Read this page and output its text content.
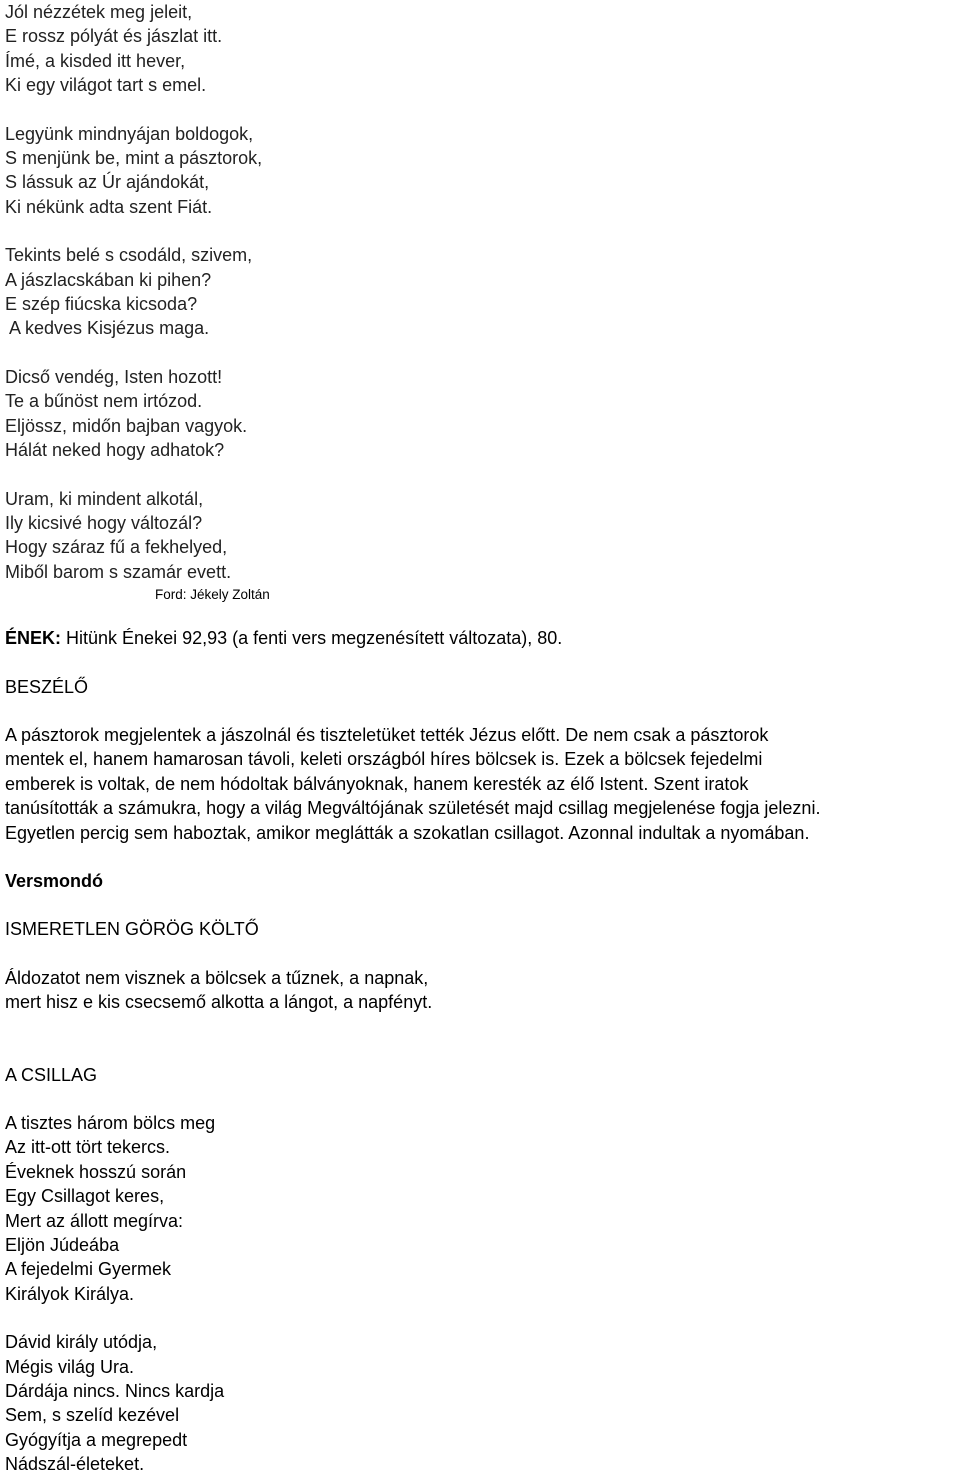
Jól nézzétek meg jeleit,
E rossz pólyát és jászlat itt.
Ímé, a kisded itt hever,
Ki egy világot tart s emel.
Legyünk mindnyájan boldogok,
S menjünk be, mint a pásztorok,
S lássuk az Úr ajándokát,
Ki nékünk adta szent Fiát.
Tekints belé s csodáld, szivem,
A jászlacskában ki pihen?
E szép fiúcska kicsoda?
A kedves Kisjézus maga.
Dicső vendég, Isten hozott!
Te a bűnöst nem irtózod.
Eljössz, midőn bajban vagyok.
Hálát neked hogy adhatok?
Uram, ki mindent alkotál,
Ily kicsivé hogy változál?
Hogy száraz fű a fekhelyed,
Miből barom s szamár evett.
Ford: Jékely Zoltán
ÉNEK: Hitünk Énekei 92,93 (a fenti vers megzenésített változata), 80.
BESZÉLŐ
A pásztorok megjelentek a jászolnál és tiszteletüket tették Jézus előtt. De nem csak a pásztorok
mentek el, hanem hamarosan távoli, keleti országból híres bölcsek is. Ezek a bölcsek fejedelmi
emberek is voltak, de nem hódoltak bálványoknak, hanem keresték az élő Istent. Szent iratok
tanúsították a számukra, hogy a világ Megváltójának születését majd csillag megjelenése fogja jelezni.
Egyetlen percig sem haboztak, amikor meglátták a szokatlan csillagot. Azonnal indultak a nyomában.
Versmondó
ISMERETLEN GÖRÖG KÖLTŐ
Áldozatot nem visznek a bölcsek a tűznek, a napnak,
mert hisz e kis csecsemő alkotta a lángot, a napfényt.
A CSILLAG
A tisztes három bölcs meg
Az itt-ott tört tekercs.
Éveknek hosszú során
Egy Csillagot keres,
Mert az állott megírva:
Eljön Júdeába
A fejedelmi Gyermek
Királyok Királya.
Dávid király utódja,
Mégis világ Ura.
Dárdája nincs. Nincs kardja
Sem, s szelíd kezével
Gyógyítja a megrepedt
Nádszál-életeket.
